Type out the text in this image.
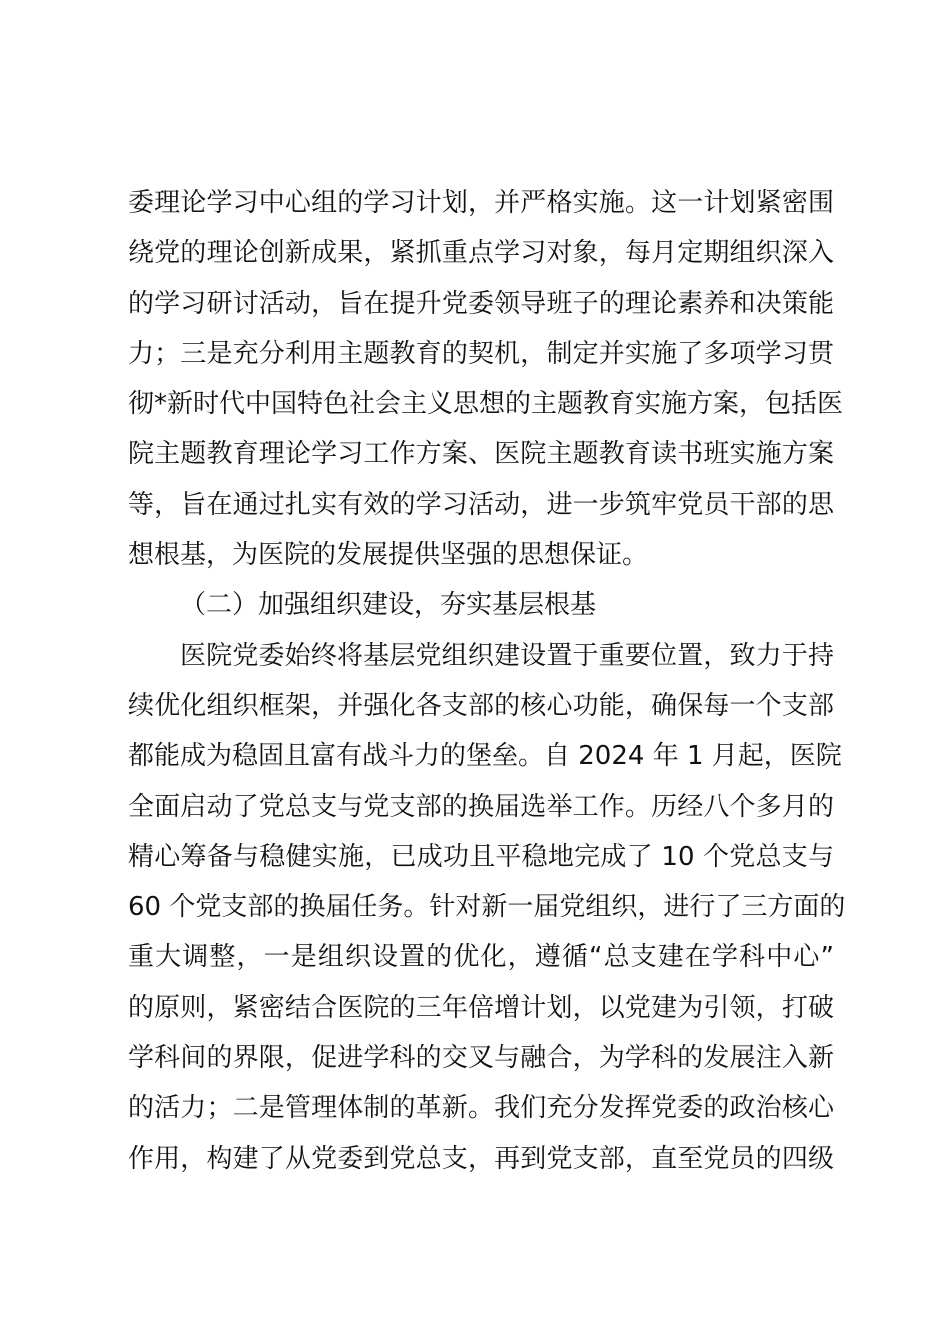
委理论学习中心组的学习计划，并严格实施。这一计划紧密围
绕党的理论创新成果，紧抓重点学习对象，每月定期组织深入
的学习研讨活动，旨在提升党委领导班子的理论素养和决策能
力；三是充分利用主题教育的契机，制定并实施了多项学习贯
彻*新时代中国特色社会主义思想的主题教育实施方案，包括医
院主题教育理论学习工作方案、医院主题教育读书班实施方案
等，旨在通过扎实有效的学习活动，进一步筑牢党员干部的思
想根基，为医院的发展提供坚强的思想保证。
（二）加强组织建设，夯实基层根基
医院党委始终将基层党组织建设置于重要位置，致力于持
续优化组织框架，并强化各支部的核心功能，确保每一个支部
都能成为稳固且富有战斗力的堡垒。自 2024 年 1 月起，医院
全面启动了党总支与党支部的换届选举工作。历经八个多月的
精心筹备与稳健实施，已成功且平稳地完成了 10 个党总支与
60 个党支部的换届任务。针对新一届党组织，进行了三方面的
重大调整，一是组织设置的优化，遵循“总支建在学科中心”
的原则，紧密结合医院的三年倍增计划，以党建为引领，打破
学科间的界限，促进学科的交叉与融合，为学科的发展注入新
的活力；二是管理体制的革新。我们充分发挥党委的政治核心
作用，构建了从党委到党总支，再到党支部，直至党员的四级
